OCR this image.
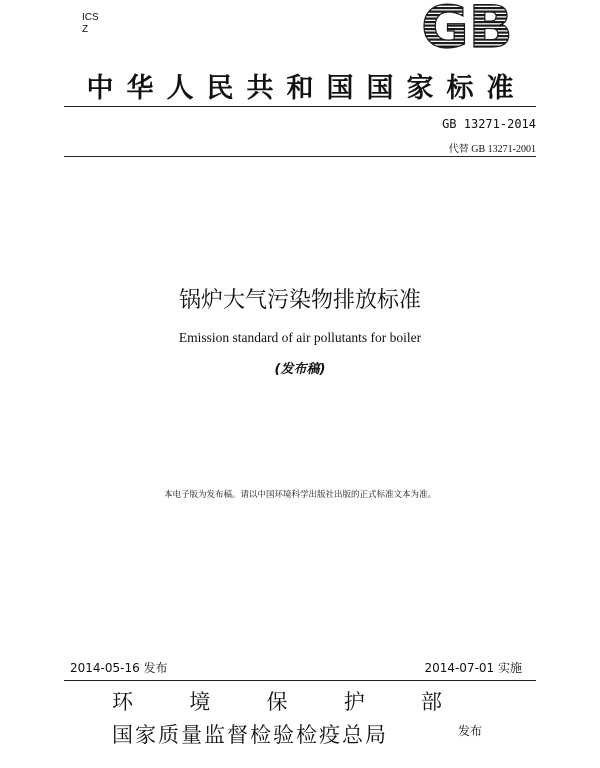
ICS
Z	GB
中华人民共和国国家标准
GB 13271-2014
代替 GB 13271-2001
锅炉大气污染物排放标准
Emission standard of air pollutants for boiler
(发布稿)
本电子版为发布稿。请以中国环境科学出版社出版的正式标准文本为准。
2014-05-16 发布	2014-07-01 实施
环	境	保	护	部
国家质量监督检验检疫总局	发布
